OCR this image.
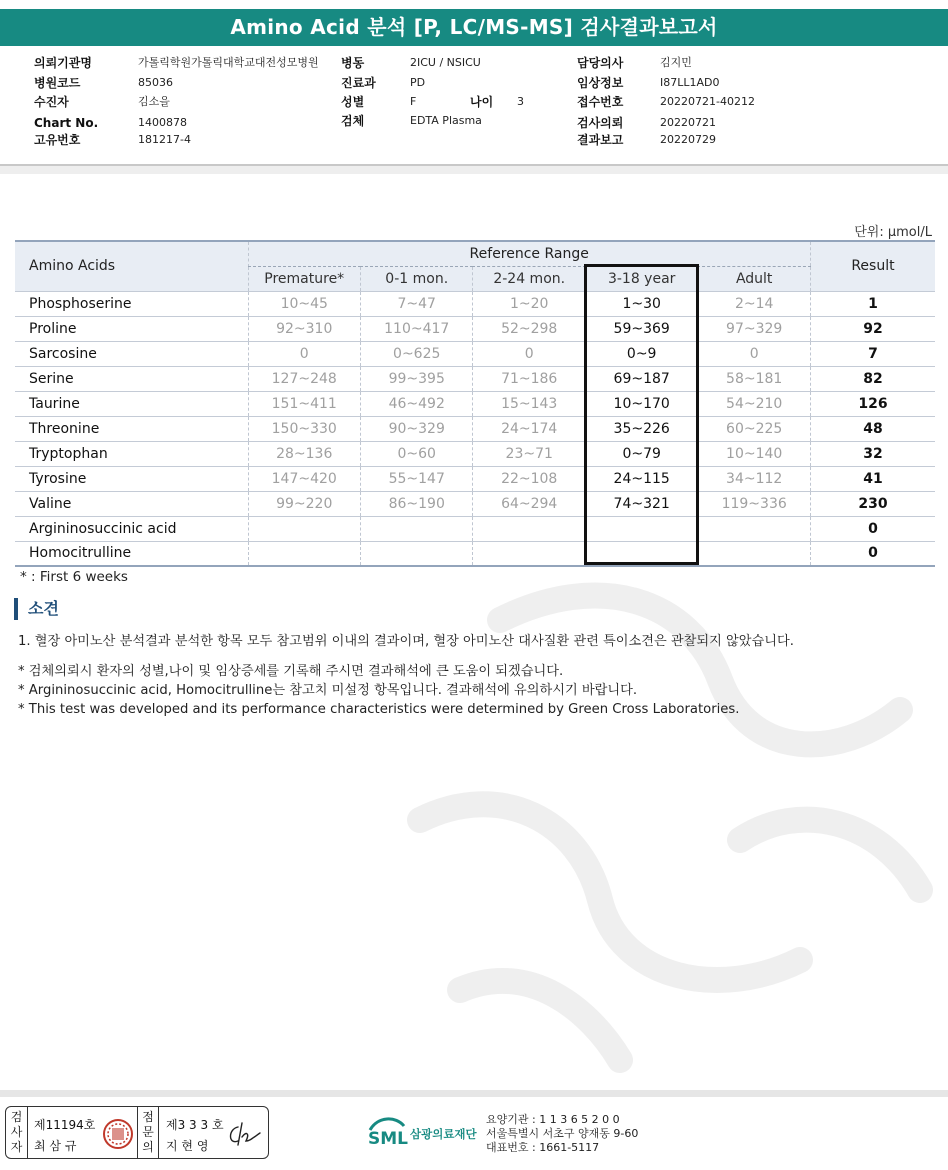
Amino Acid 분석 [P, LC/MS-MS] 검사결과보고서
의뢰기관명	가톨릭학원가톨릭대학교대전성모병원
병원코드	85036
수진자	김소을
Chart No.	1400878
고유번호	181217-4
병동	2ICU / NSICU
진료과	PD
성별	F	나이 3
검체	EDTA Plasma
담당의사	김지민
임상정보	I87LL1AD0
접수번호	20220721-40212
검사의뢰	20220721
결과보고	20220729
단위: μmol/L
Amino Acids	Reference Range					Result
	Premature*	0-1 mon.	2-24 mon.	3-18 year	Adult	
Phosphoserine	10~45	7~47	1~20	1~30	2~14	1
Proline	92~310	110~417	52~298	59~369	97~329	92
Sarcosine	0	0~625	0	0~9	0	7
Serine	127~248	99~395	71~186	69~187	58~181	82
Taurine	151~411	46~492	15~143	10~170	54~210	126
Threonine	150~330	90~329	24~174	35~226	60~225	48
Tryptophan	28~136	0~60	23~71	0~79	10~140	32
Tyrosine	147~420	55~147	22~108	24~115	34~112	41
Valine	99~220	86~190	64~294	74~321	119~336	230
Argininosuccinic acid						0
Homocitrulline						0
* : First 6 weeks
소견
1. 혈장 아미노산 분석결과 분석한 항목 모두 참고범위 이내의 결과이며, 혈장 아미노산 대사질환 관련 특이소견은 관찰되지 않았습니다.
* 검체의뢰시 환자의 성별,나이 및 임상증세를 기록해 주시면 결과해석에 큰 도움이 되겠습니다.
* Argininosuccinic acid, Homocitrulline는 참고치 미설정 항목입니다. 결과해석에 유의하시기 바랍니다.
* This test was developed and its performance characteristics were determined by Green Cross Laboratories.
검
사
자
제11194호
최 삼 규
점
문
의
제3 3 3 호
지 현 영	SML 삼광의료재단
요양기관 : 1 1 3 6 5 2 0 0
서울특별시 서초구 양재동 9-60
대표번호 : 1661-5117
